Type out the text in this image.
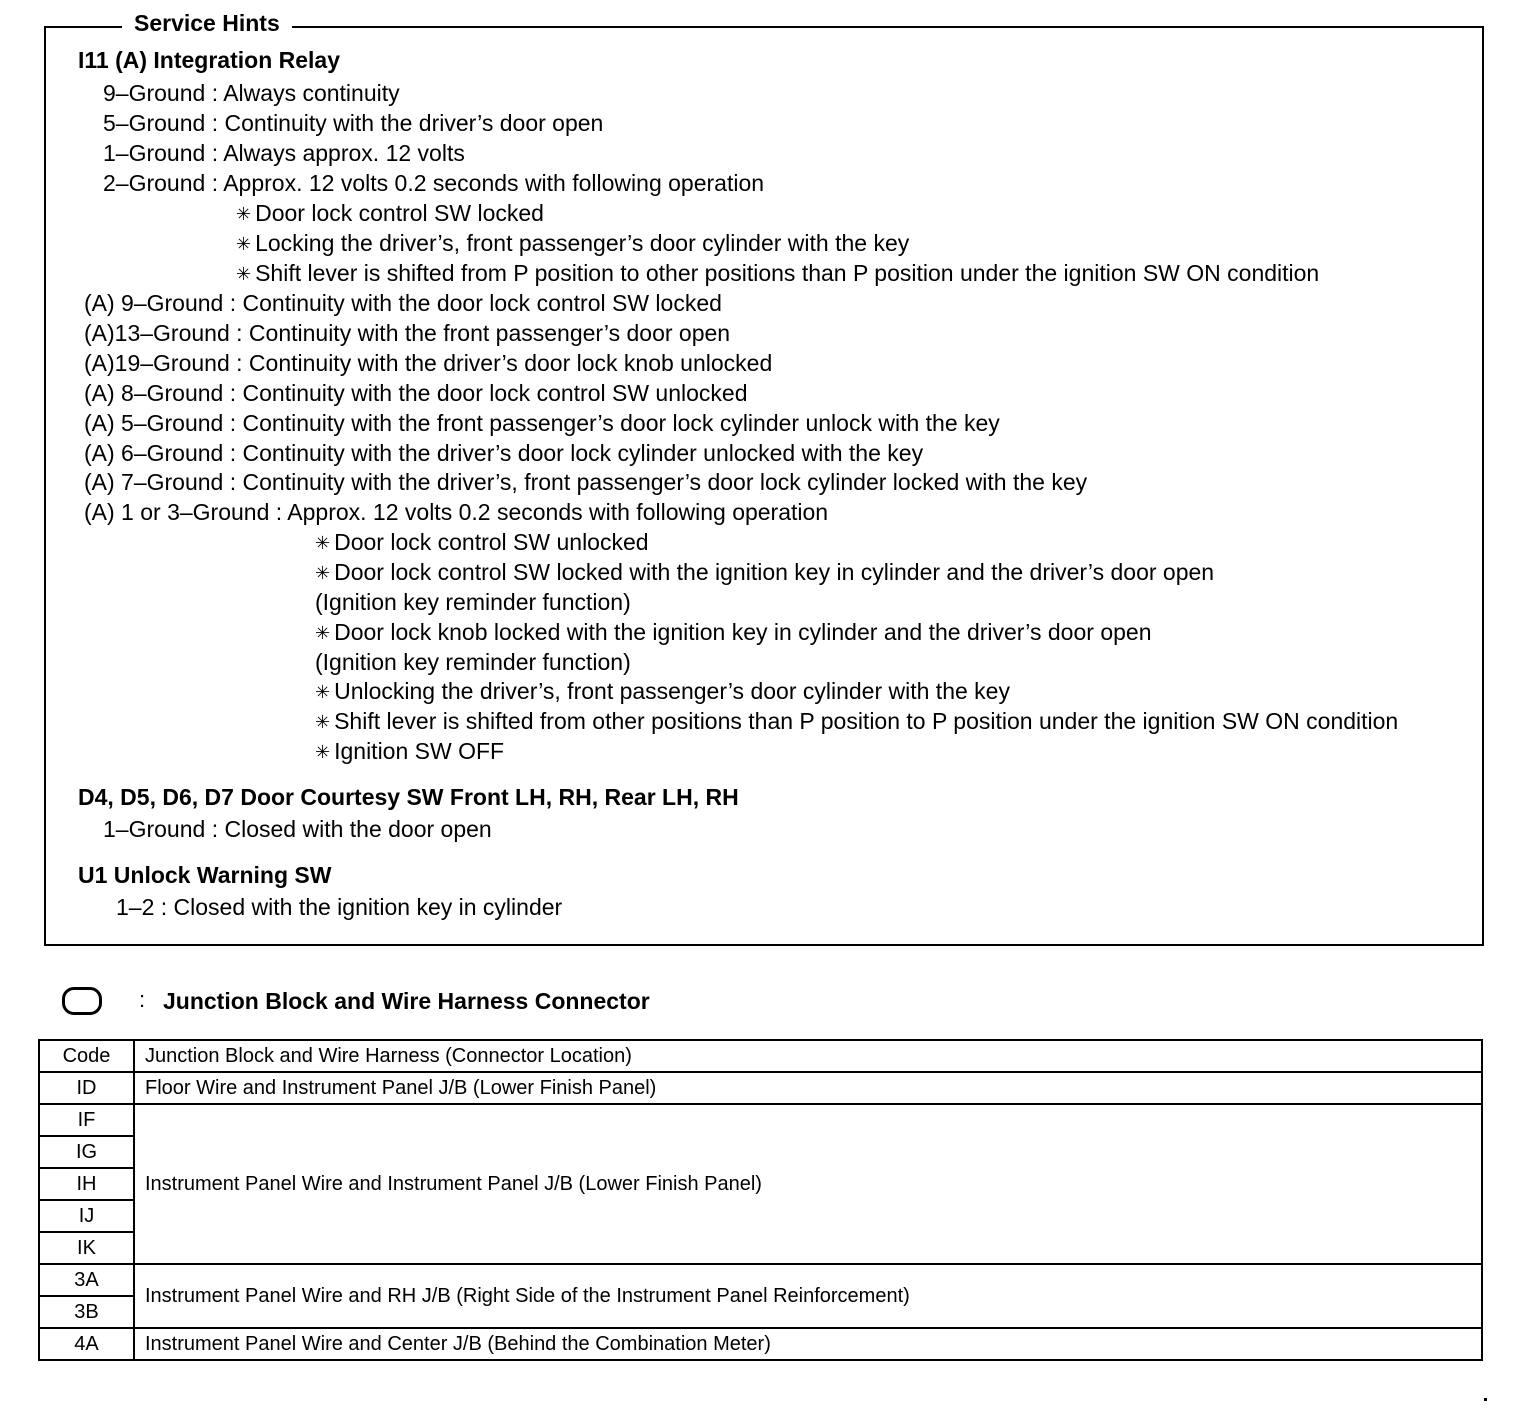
Service Hints
I11 (A) Integration Relay
9–Ground : Always continuity
5–Ground : Continuity with the driver’s door open
1–Ground : Always approx. 12 volts
2–Ground : Approx. 12 volts 0.2 seconds with following operation
✳ Door lock control SW locked
✳ Locking the driver’s, front passenger’s door cylinder with the key
✳ Shift lever is shifted from P position to other positions than P position under the ignition SW ON condition
(A) 9–Ground : Continuity with the door lock control SW locked
(A)13–Ground : Continuity with the front passenger’s door open
(A)19–Ground : Continuity with the driver’s door lock knob unlocked
(A) 8–Ground : Continuity with the door lock control SW unlocked
(A) 5–Ground : Continuity with the front passenger’s door lock cylinder unlock with the key
(A) 6–Ground : Continuity with the driver’s door lock cylinder unlocked with the key
(A) 7–Ground : Continuity with the driver’s, front passenger’s door lock cylinder locked with the key
(A) 1 or 3–Ground : Approx. 12 volts 0.2 seconds with following operation
✳ Door lock control SW unlocked
✳ Door lock control SW locked with the ignition key in cylinder and the driver’s door open
(Ignition key reminder function)
✳ Door lock knob locked with the ignition key in cylinder and the driver’s door open
(Ignition key reminder function)
✳ Unlocking the driver’s, front passenger’s door cylinder with the key
✳ Shift lever is shifted from other positions than P position to P position under the ignition SW ON condition
✳ Ignition SW OFF
D4, D5, D6, D7 Door Courtesy SW Front LH, RH, Rear LH, RH
1–Ground : Closed with the door open
U1 Unlock Warning SW
1–2 : Closed with the ignition key in cylinder
: Junction Block and Wire Harness Connector
Code	Junction Block and Wire Harness (Connector Location)
ID	Floor Wire and Instrument Panel J/B (Lower Finish Panel)
IF	Instrument Panel Wire and Instrument Panel J/B (Lower Finish Panel)
IG	
IH	
IJ	
IK	
3A	Instrument Panel Wire and RH J/B (Right Side of the Instrument Panel Reinforcement)
3B	
4A	Instrument Panel Wire and Center J/B (Behind the Combination Meter)
